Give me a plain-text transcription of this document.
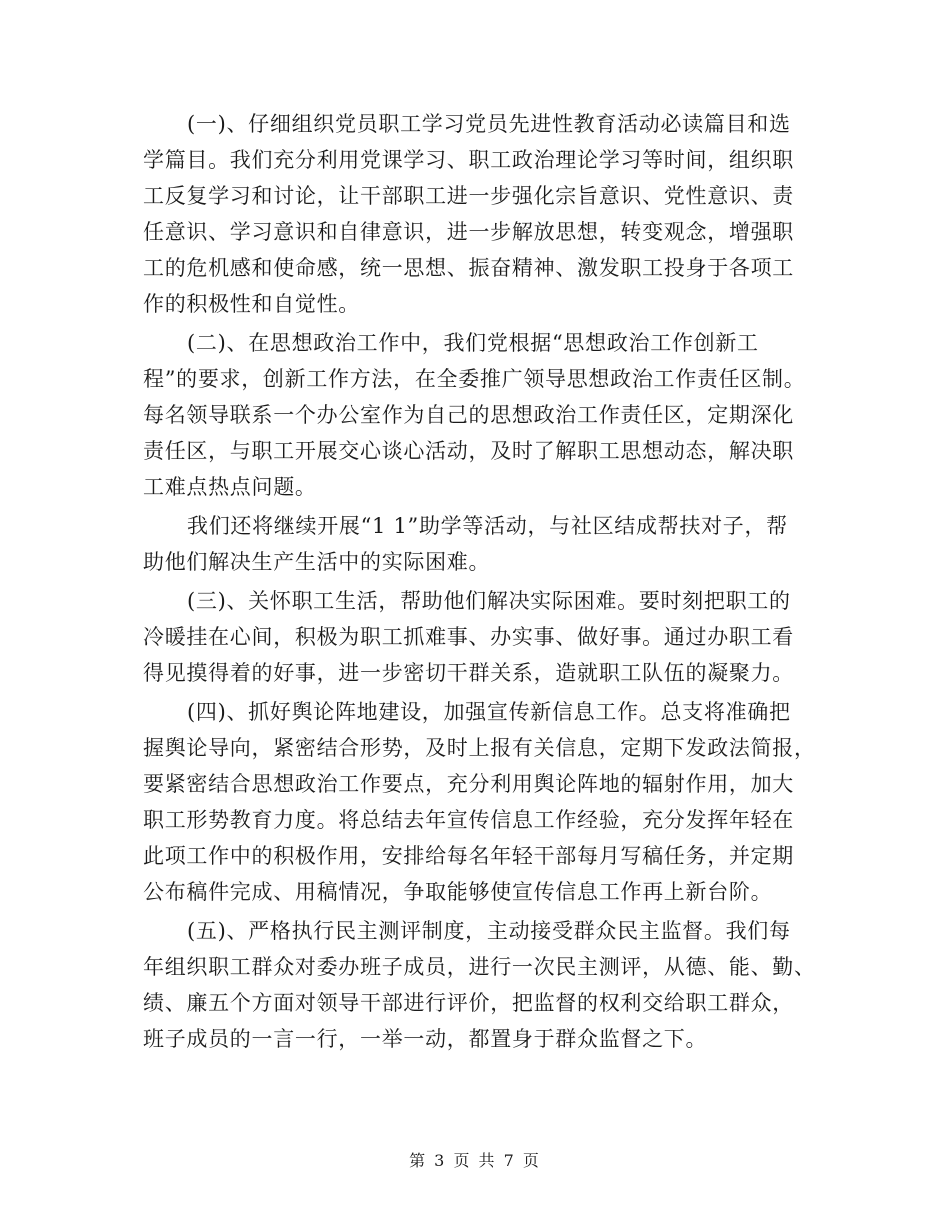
(一)、仔细组织党员职工学习党员先进性教育活动必读篇目和选
学篇目。我们充分利用党课学习、职工政治理论学习等时间，组织职
工反复学习和讨论，让干部职工进一步强化宗旨意识、党性意识、责
任意识、学习意识和自律意识，进一步解放思想，转变观念，增强职
工的危机感和使命感，统一思想、振奋精神、激发职工投身于各项工
作的积极性和自觉性。
(二)、在思想政治工作中，我们党根据“思想政治工作创新工
程”的要求，创新工作方法，在全委推广领导思想政治工作责任区制。
每名领导联系一个办公室作为自己的思想政治工作责任区，定期深化
责任区，与职工开展交心谈心活动，及时了解职工思想动态，解决职
工难点热点问题。
我们还将继续开展“1 1”助学等活动，与社区结成帮扶对子，帮
助他们解决生产生活中的实际困难。
(三)、关怀职工生活，帮助他们解决实际困难。要时刻把职工的
冷暖挂在心间，积极为职工抓难事、办实事、做好事。通过办职工看
得见摸得着的好事，进一步密切干群关系，造就职工队伍的凝聚力。
(四)、抓好舆论阵地建设，加强宣传新信息工作。总支将准确把
握舆论导向，紧密结合形势，及时上报有关信息，定期下发政法简报，
要紧密结合思想政治工作要点，充分利用舆论阵地的辐射作用，加大
职工形势教育力度。将总结去年宣传信息工作经验，充分发挥年轻在
此项工作中的积极作用，安排给每名年轻干部每月写稿任务，并定期
公布稿件完成、用稿情况，争取能够使宣传信息工作再上新台阶。
(五)、严格执行民主测评制度，主动接受群众民主监督。我们每
年组织职工群众对委办班子成员，进行一次民主测评，从德、能、勤、
绩、廉五个方面对领导干部进行评价，把监督的权利交给职工群众，
班子成员的一言一行，一举一动，都置身于群众监督之下。
第 3 页 共 7 页
